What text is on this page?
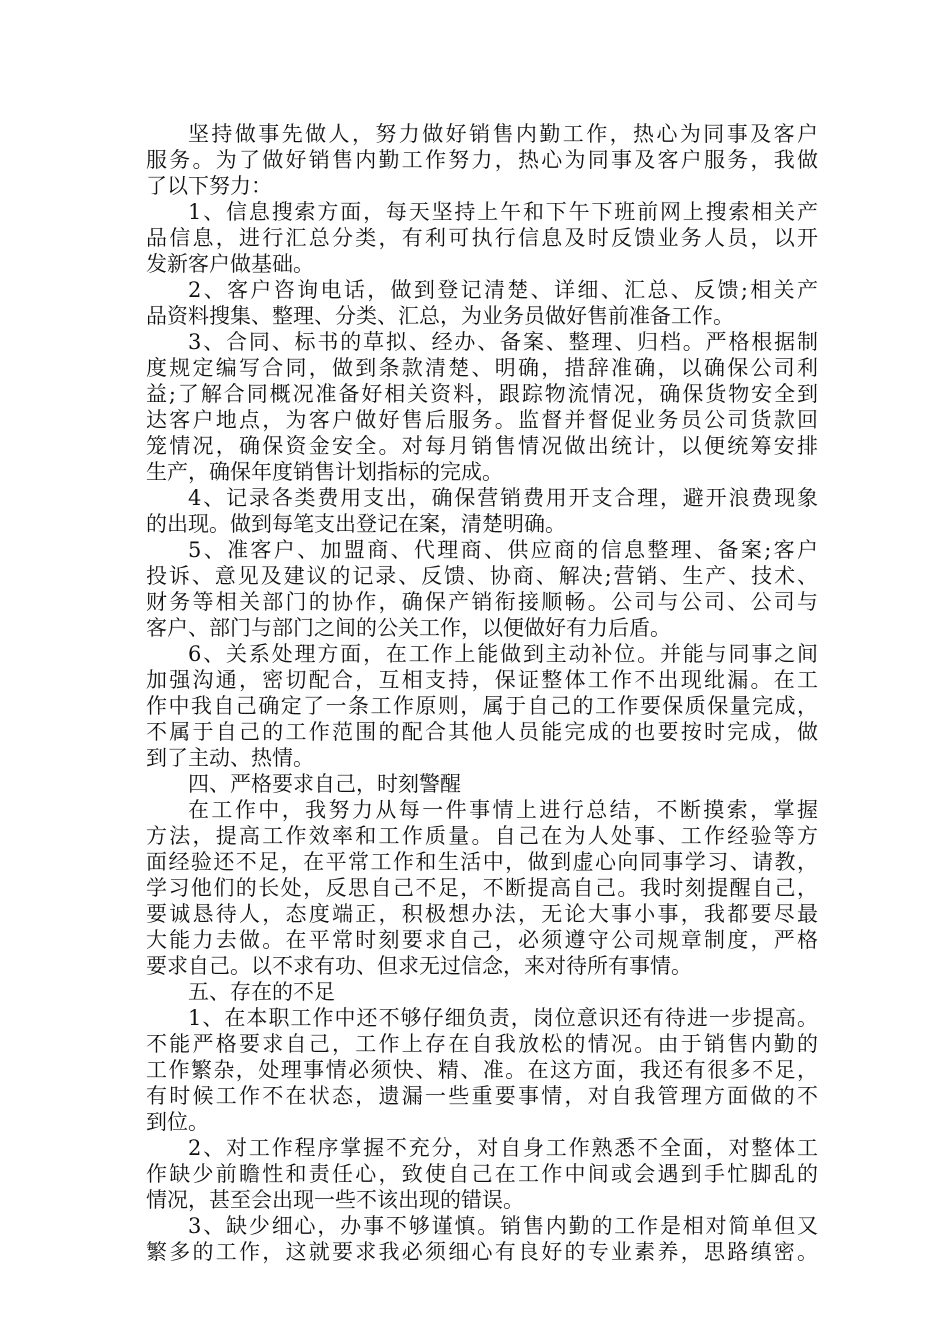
坚持做事先做人，努力做好销售内勤工作，热心为同事及客户
服务。为了做好销售内勤工作努力，热心为同事及客户服务，我做
了以下努力：
1、信息搜索方面，每天坚持上午和下午下班前网上搜索相关产
品信息，进行汇总分类，有利可执行信息及时反馈业务人员，以开
发新客户做基础。
2、客户咨询电话，做到登记清楚、详细、汇总、反馈;相关产
品资料搜集、整理、分类、汇总，为业务员做好售前准备工作。
3、合同、标书的草拟、经办、备案、整理、归档。严格根据制
度规定编写合同，做到条款清楚、明确，措辞准确，以确保公司利
益;了解合同概况准备好相关资料，跟踪物流情况，确保货物安全到
达客户地点，为客户做好售后服务。监督并督促业务员公司货款回
笼情况，确保资金安全。对每月销售情况做出统计，以便统筹安排
生产，确保年度销售计划指标的完成。
4、记录各类费用支出，确保营销费用开支合理，避开浪费现象
的出现。做到每笔支出登记在案，清楚明确。
5、准客户、加盟商、代理商、供应商的信息整理、备案;客户
投诉、意见及建议的记录、反馈、协商、解决;营销、生产、技术、
财务等相关部门的协作，确保产销衔接顺畅。公司与公司、公司与
客户、部门与部门之间的公关工作，以便做好有力后盾。
6、关系处理方面，在工作上能做到主动补位。并能与同事之间
加强沟通，密切配合，互相支持，保证整体工作不出现纰漏。在工
作中我自己确定了一条工作原则，属于自己的工作要保质保量完成，
不属于自己的工作范围的配合其他人员能完成的也要按时完成，做
到了主动、热情。
四、严格要求自己，时刻警醒
在工作中，我努力从每一件事情上进行总结，不断摸索，掌握
方法，提高工作效率和工作质量。自己在为人处事、工作经验等方
面经验还不足，在平常工作和生活中，做到虚心向同事学习、请教，
学习他们的长处，反思自己不足，不断提高自己。我时刻提醒自己，
要诚恳待人，态度端正，积极想办法，无论大事小事，我都要尽最
大能力去做。在平常时刻要求自己，必须遵守公司规章制度，严格
要求自己。以不求有功、但求无过信念，来对待所有事情。
五、存在的不足
1、在本职工作中还不够仔细负责，岗位意识还有待进一步提高。
不能严格要求自己，工作上存在自我放松的情况。由于销售内勤的
工作繁杂，处理事情必须快、精、准。在这方面，我还有很多不足，
有时候工作不在状态，遗漏一些重要事情，对自我管理方面做的不
到位。
2、对工作程序掌握不充分，对自身工作熟悉不全面，对整体工
作缺少前瞻性和责任心，致使自己在工作中间或会遇到手忙脚乱的
情况，甚至会出现一些不该出现的错误。
3、缺少细心，办事不够谨慎。销售内勤的工作是相对简单但又
繁多的工作，这就要求我必须细心有良好的专业素养，思路缜密。
